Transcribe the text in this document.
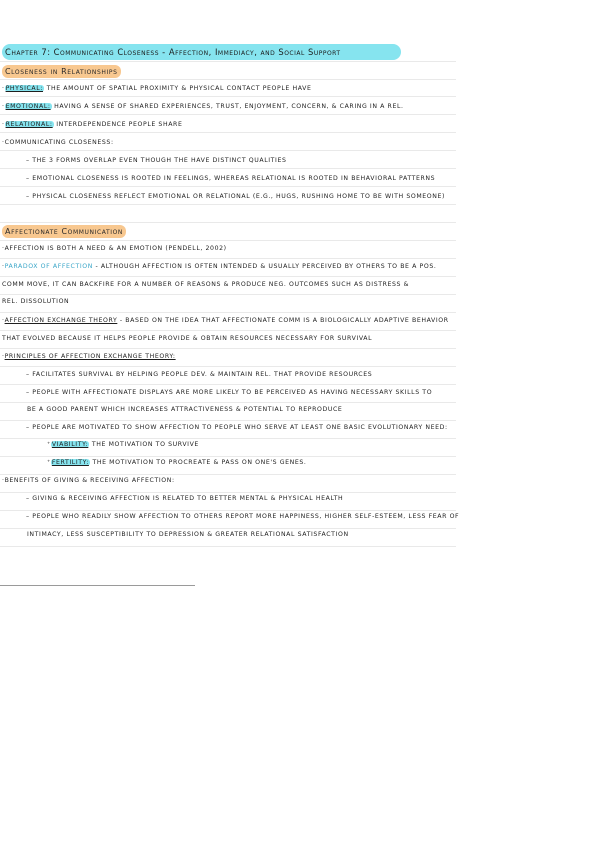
Chapter 7: Communicating Closeness - Affection, Immediacy, and Social Support
Closeness in Relationships
·PHYSICAL: THE AMOUNT OF SPATIAL PROXIMITY & PHYSICAL CONTACT PEOPLE HAVE
·EMOTIONAL: HAVING A SENSE OF SHARED EXPERIENCES, TRUST, ENJOYMENT, CONCERN, & CARING IN A REL.
·RELATIONAL: INTERDEPENDENCE PEOPLE SHARE
·COMMUNICATING CLOSENESS:
– THE 3 FORMS OVERLAP EVEN THOUGH THE HAVE DISTINCT QUALITIES
– EMOTIONAL CLOSENESS IS ROOTED IN FEELINGS, WHEREAS RELATIONAL IS ROOTED IN BEHAVIORAL PATTERNS
– PHYSICAL CLOSENESS REFLECT EMOTIONAL OR RELATIONAL (E.G., HUGS, RUSHING HOME TO BE WITH SOMEONE)
Affectionate Communication
·AFFECTION IS BOTH A NEED & AN EMOTION (PENDELL, 2002)
·PARADOX OF AFFECTION - ALTHOUGH AFFECTION IS OFTEN INTENDED & USUALLY PERCEIVED BY OTHERS TO BE A POS.
COMM MOVE, IT CAN BACKFIRE FOR A NUMBER OF REASONS & PRODUCE NEG. OUTCOMES SUCH AS DISTRESS &
REL. DISSOLUTION
·AFFECTION EXCHANGE THEORY - BASED ON THE IDEA THAT AFFECTIONATE COMM IS A BIOLOGICALLY ADAPTIVE BEHAVIOR
THAT EVOLVED BECAUSE IT HELPS PEOPLE PROVIDE & OBTAIN RESOURCES NECESSARY FOR SURVIVAL
·PRINCIPLES OF AFFECTION EXCHANGE THEORY:
– FACILITATES SURVIVAL BY HELPING PEOPLE DEV. & MAINTAIN REL. THAT PROVIDE RESOURCES
– PEOPLE WITH AFFECTIONATE DISPLAYS ARE MORE LIKELY TO BE PERCEIVED AS HAVING NECESSARY SKILLS TO
BE A GOOD PARENT WHICH INCREASES ATTRACTIVENESS & POTENTIAL TO REPRODUCE
– PEOPLE ARE MOTIVATED TO SHOW AFFECTION TO PEOPLE WHO SERVE AT LEAST ONE BASIC EVOLUTIONARY NEED:
⁺VIABILITY: THE MOTIVATION TO SURVIVE
⁺FERTILITY: THE MOTIVATION TO PROCREATE & PASS ON ONE'S GENES.
·BENEFITS OF GIVING & RECEIVING AFFECTION:
– GIVING & RECEIVING AFFECTION IS RELATED TO BETTER MENTAL & PHYSICAL HEALTH
– PEOPLE WHO READILY SHOW AFFECTION TO OTHERS REPORT MORE HAPPINESS, HIGHER SELF-ESTEEM, LESS FEAR OF
INTIMACY, LESS SUSCEPTIBILITY TO DEPRESSION & GREATER RELATIONAL SATISFACTION
